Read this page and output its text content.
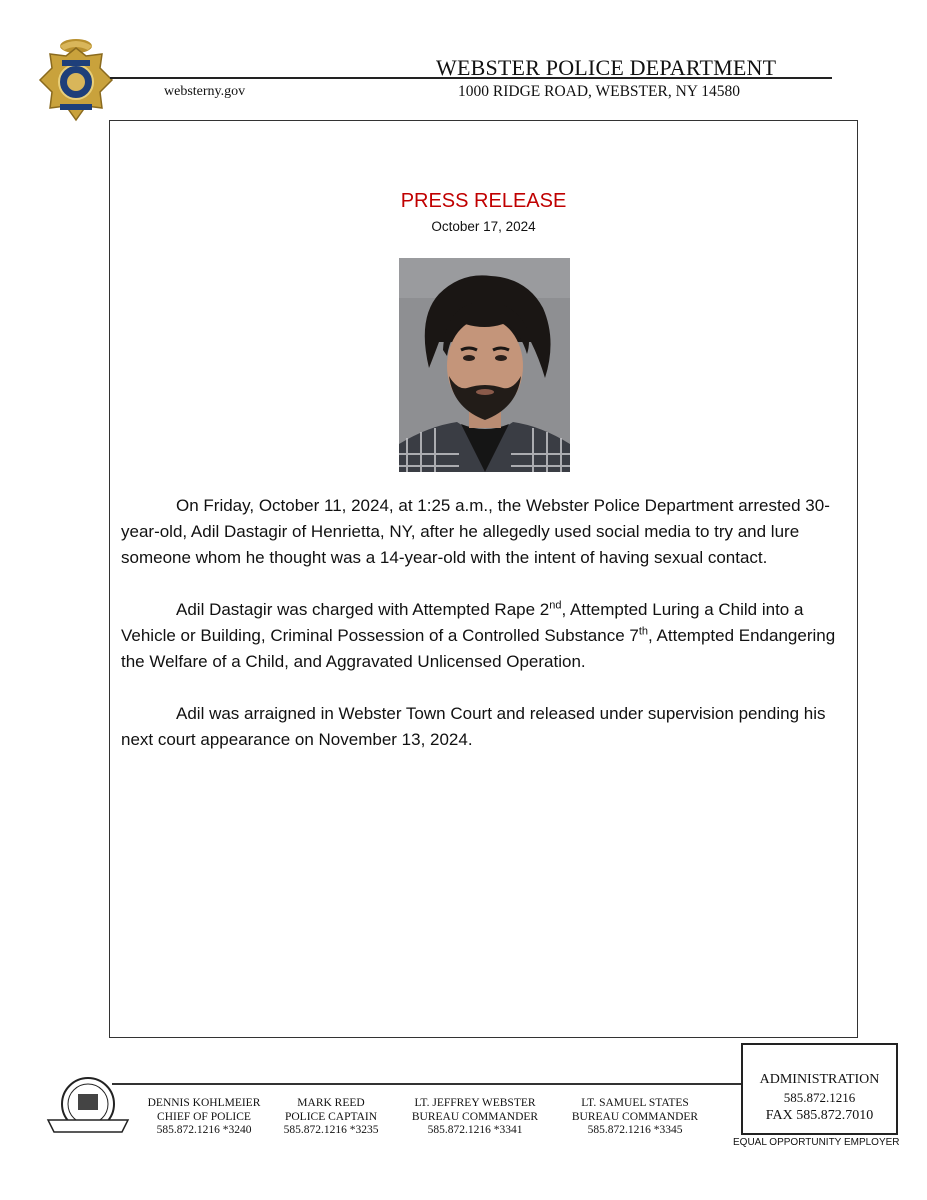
WEBSTER POLICE DEPARTMENT
websterny.gov	1000 RIDGE ROAD, WEBSTER, NY 14580
PRESS RELEASE
October 17, 2024

On Friday, October 11, 2024, at 1:25 a.m., the Webster Police Department arrested 30-year-old, Adil Dastagir of Henrietta, NY, after he allegedly used social media to try and lure someone whom he thought was a 14-year-old with the intent of having sexual contact.

Adil Dastagir was charged with Attempted Rape 2nd, Attempted Luring a Child into a Vehicle or Building, Criminal Possession of a Controlled Substance 7th, Attempted Endangering the Welfare of a Child, and Aggravated Unlicensed Operation.

Adil was arraigned in Webster Town Court and released under supervision pending his next court appearance on November 13, 2024.

DENNIS KOHLMEIER
CHIEF OF POLICE
585.872.1216 *3240
MARK REED
POLICE CAPTAIN
585.872.1216 *3235
LT. JEFFREY WEBSTER
BUREAU COMMANDER
585.872.1216 *3341
LT. SAMUEL STATES
BUREAU COMMANDER
585.872.1216 *3345
ADMINISTRATION
585.872.1216
FAX 585.872.7010
EQUAL OPPORTUNITY EMPLOYER
